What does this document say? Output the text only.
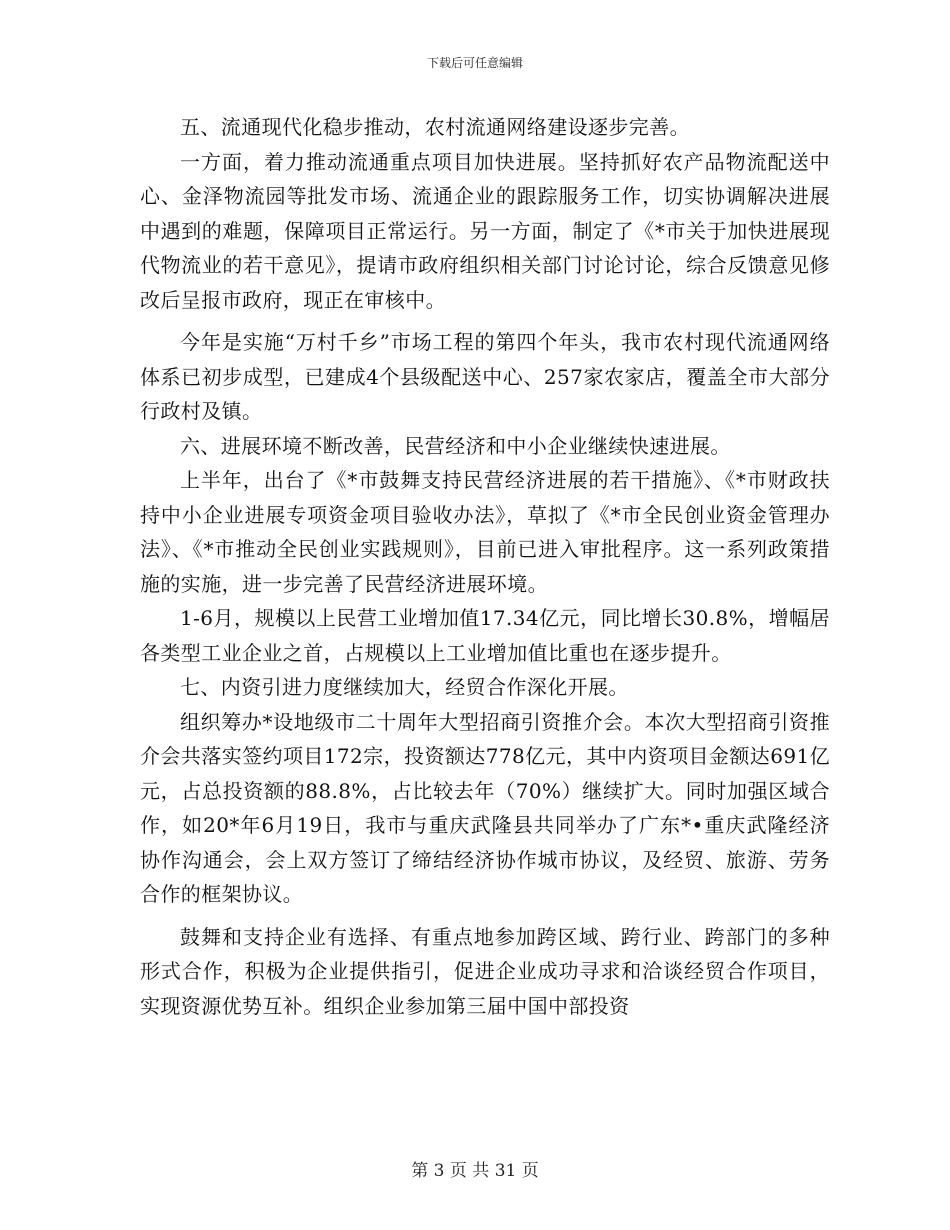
下载后可任意编辑

五、流通现代化稳步推动，农村流通网络建设逐步完善。

一方面，着力推动流通重点项目加快进展。坚持抓好农产品物流配送中心、金泽物流园等批发市场、流通企业的跟踪服务工作，切实协调解决进展中遇到的难题，保障项目正常运行。另一方面，制定了《*市关于加快进展现代物流业的若干意见》，提请市政府组织相关部门讨论讨论，综合反馈意见修改后呈报市政府，现正在审核中。

今年是实施“万村千乡”市场工程的第四个年头，我市农村现代流通网络体系已初步成型，已建成4个县级配送中心、257家农家店，覆盖全市大部分行政村及镇。

六、进展环境不断改善，民营经济和中小企业继续快速进展。

上半年，出台了《*市鼓舞支持民营经济进展的若干措施》、《*市财政扶持中小企业进展专项资金项目验收办法》，草拟了《*市全民创业资金管理办法》、《*市推动全民创业实践规则》，目前已进入审批程序。这一系列政策措施的实施，进一步完善了民营经济进展环境。

1-6月，规模以上民营工业增加值17.34亿元，同比增长30.8%，增幅居各类型工业企业之首，占规模以上工业增加值比重也在逐步提升。

七、内资引进力度继续加大，经贸合作深化开展。

组织筹办*设地级市二十周年大型招商引资推介会。本次大型招商引资推介会共落实签约项目172宗，投资额达778亿元，其中内资项目金额达691亿元，占总投资额的88.8%，占比较去年（70%）继续扩大。同时加强区域合作，如20*年6月19日，我市与重庆武隆县共同举办了广东*•重庆武隆经济协作沟通会，会上双方签订了缔结经济协作城市协议，及经贸、旅游、劳务合作的框架协议。

鼓舞和支持企业有选择、有重点地参加跨区域、跨行业、跨部门的多种形式合作，积极为企业提供指引，促进企业成功寻求和洽谈经贸合作项目，实现资源优势互补。组织企业参加第三届中国中部投资

第 3 页 共 31 页
